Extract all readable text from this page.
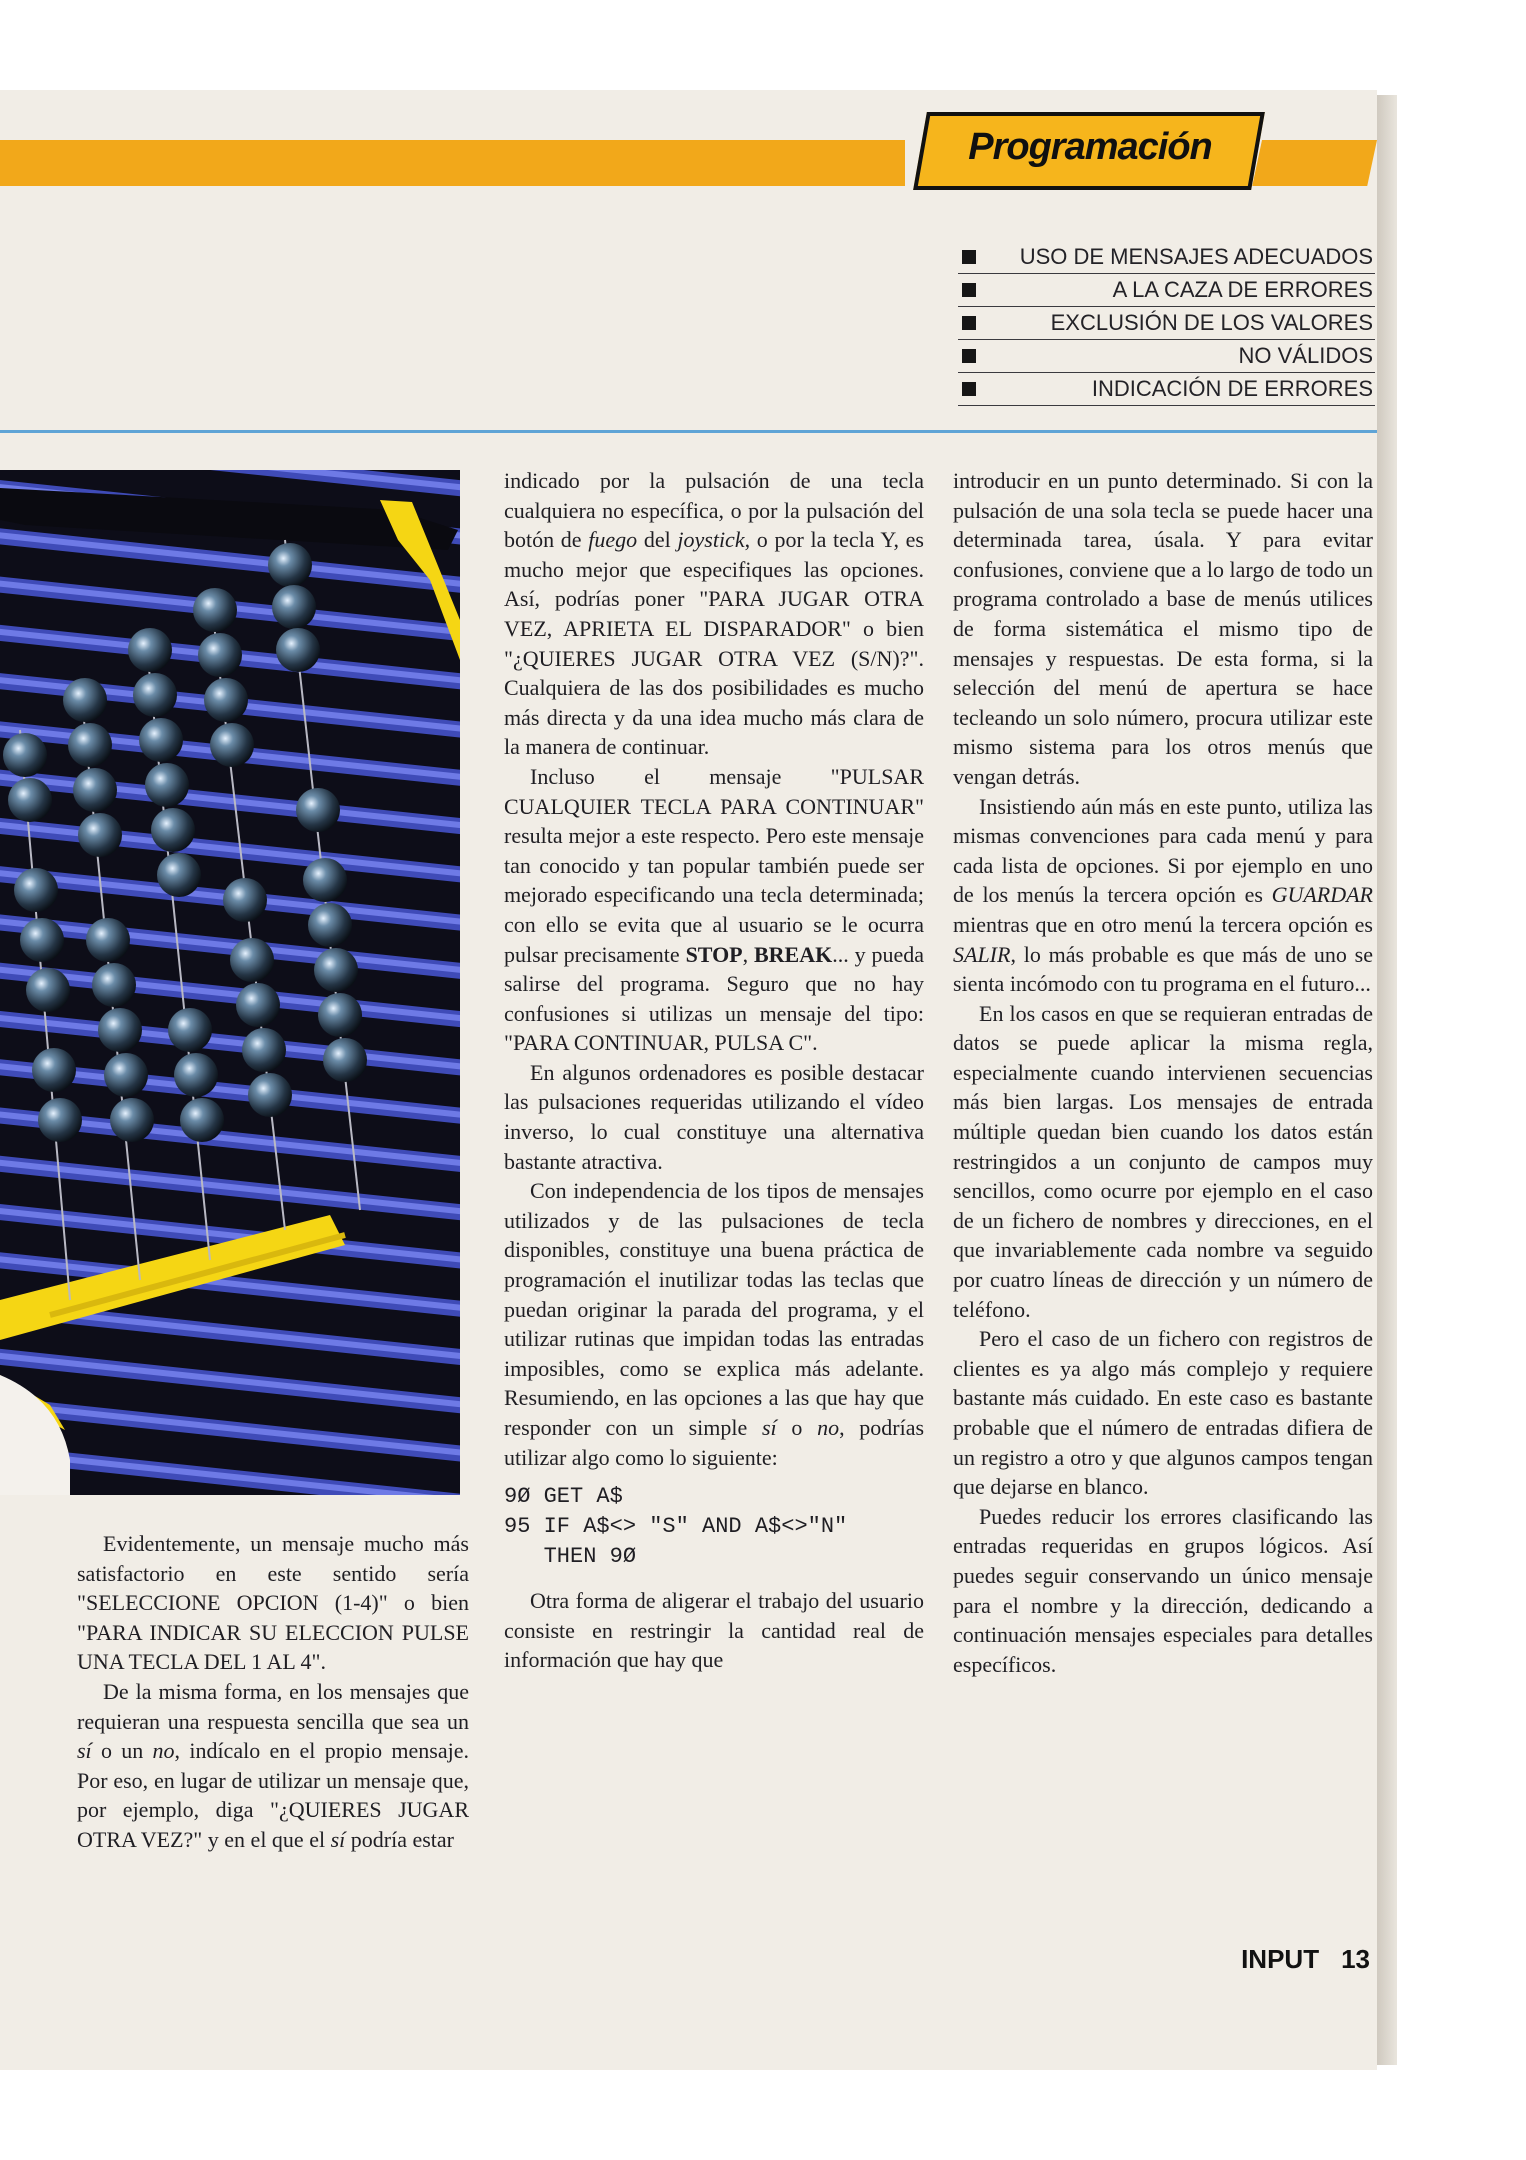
Programación
USO DE MENSAJES ADECUADOS
A LA CAZA DE ERRORES
EXCLUSIÓN DE LOS VALORES
NO VÁLIDOS
INDICACIÓN DE ERRORES

Evidentemente, un mensaje mucho más satisfactorio en este sentido sería "SELECCIONE OPCION (1-4)" o bien "PARA INDICAR SU ELECCION PULSE UNA TECLA DEL 1 AL 4".

De la misma forma, en los mensajes que requieran una respuesta sencilla que sea un sí o un no, indícalo en el propio mensaje. Por eso, en lugar de utilizar un mensaje que, por ejemplo, diga "¿QUIERES JUGAR OTRA VEZ?" y en el que el sí podría estar

indicado por la pulsación de una tecla cualquiera no específica, o por la pulsación del botón de fuego del joystick, o por la tecla Y, es mucho mejor que especifiques las opciones. Así, podrías poner "PARA JUGAR OTRA VEZ, APRIETA EL DISPARADOR" o bien "¿QUIERES JUGAR OTRA VEZ (S/N)?". Cualquiera de las dos posibilidades es mucho más directa y da una idea mucho más clara de la manera de continuar.

Incluso el mensaje "PULSAR CUALQUIER TECLA PARA CONTINUAR" resulta mejor a este respecto. Pero este mensaje tan conocido y tan popular también puede ser mejorado especificando una tecla determinada; con ello se evita que al usuario se le ocurra pulsar precisamente STOP, BREAK... y pueda salirse del programa. Seguro que no hay confusiones si utilizas un mensaje del tipo: "PARA CONTINUAR, PULSA C".

En algunos ordenadores es posible destacar las pulsaciones requeridas utilizando el vídeo inverso, lo cual constituye una alternativa bastante atractiva.

Con independencia de los tipos de mensajes utilizados y de las pulsaciones de tecla disponibles, constituye una buena práctica de programación el inutilizar todas las teclas que puedan originar la parada del programa, y el utilizar rutinas que impidan todas las entradas imposibles, como se explica más adelante. Resumiendo, en las opciones a las que hay que responder con un simple sí o no, podrías utilizar algo como lo siguiente:

9Ø GET A$
95 IF A$<> "S" AND A$<>"N"
THEN 9Ø

Otra forma de aligerar el trabajo del usuario consiste en restringir la cantidad real de información que hay que

introducir en un punto determinado. Si con la pulsación de una sola tecla se puede hacer una determinada tarea, úsala. Y para evitar confusiones, conviene que a lo largo de todo un programa controlado a base de menús utilices de forma sistemática el mismo tipo de mensajes y respuestas. De esta forma, si la selección del menú de apertura se hace tecleando un solo número, procura utilizar este mismo sistema para los otros menús que vengan detrás.

Insistiendo aún más en este punto, utiliza las mismas convenciones para cada menú y para cada lista de opciones. Si por ejemplo en uno de los menús la tercera opción es GUARDAR mientras que en otro menú la tercera opción es SALIR, lo más probable es que más de uno se sienta incómodo con tu programa en el futuro...

En los casos en que se requieran entradas de datos se puede aplicar la misma regla, especialmente cuando intervienen secuencias más bien largas. Los mensajes de entrada múltiple quedan bien cuando los datos están restringidos a un conjunto de campos muy sencillos, como ocurre por ejemplo en el caso de un fichero de nombres y direcciones, en el que invariablemente cada nombre va seguido por cuatro líneas de dirección y un número de teléfono.

Pero el caso de un fichero con registros de clientes es ya algo más complejo y requiere bastante más cuidado. En este caso es bastante probable que el número de entradas difiera de un registro a otro y que algunos campos tengan que dejarse en blanco.

Puedes reducir los errores clasificando las entradas requeridas en grupos lógicos. Así puedes seguir conservando un único mensaje para el nombre y la dirección, dedicando a continuación mensajes especiales para detalles específicos.

INPUT 13
